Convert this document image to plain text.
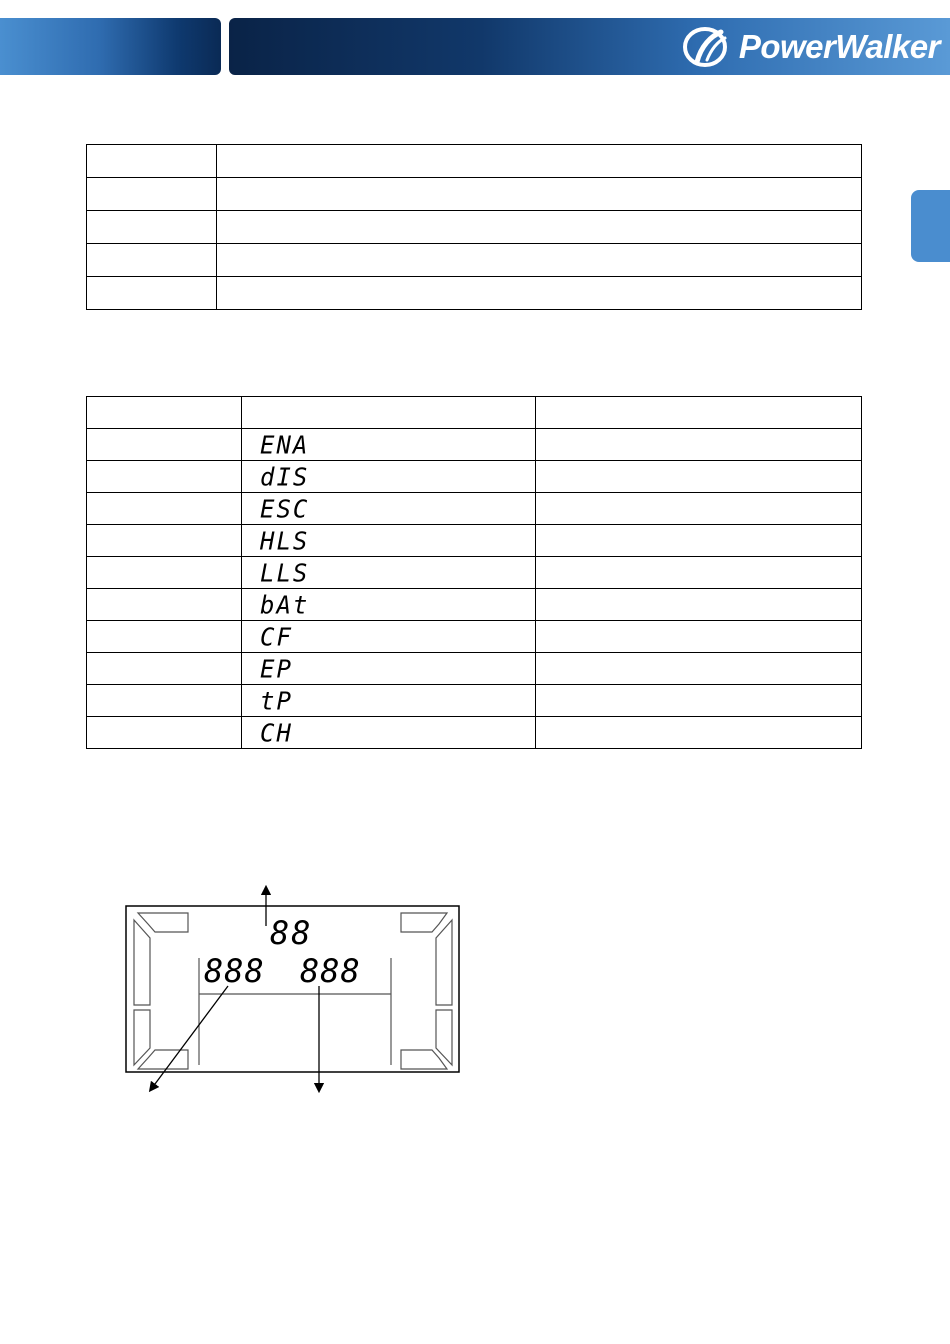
PowerWalker

	ENA	
	dIS	
	ESC	
	HLS	
	LLS	
	bAt	
	CF	
	EP	
	tP	
	CH	
88
888 888
